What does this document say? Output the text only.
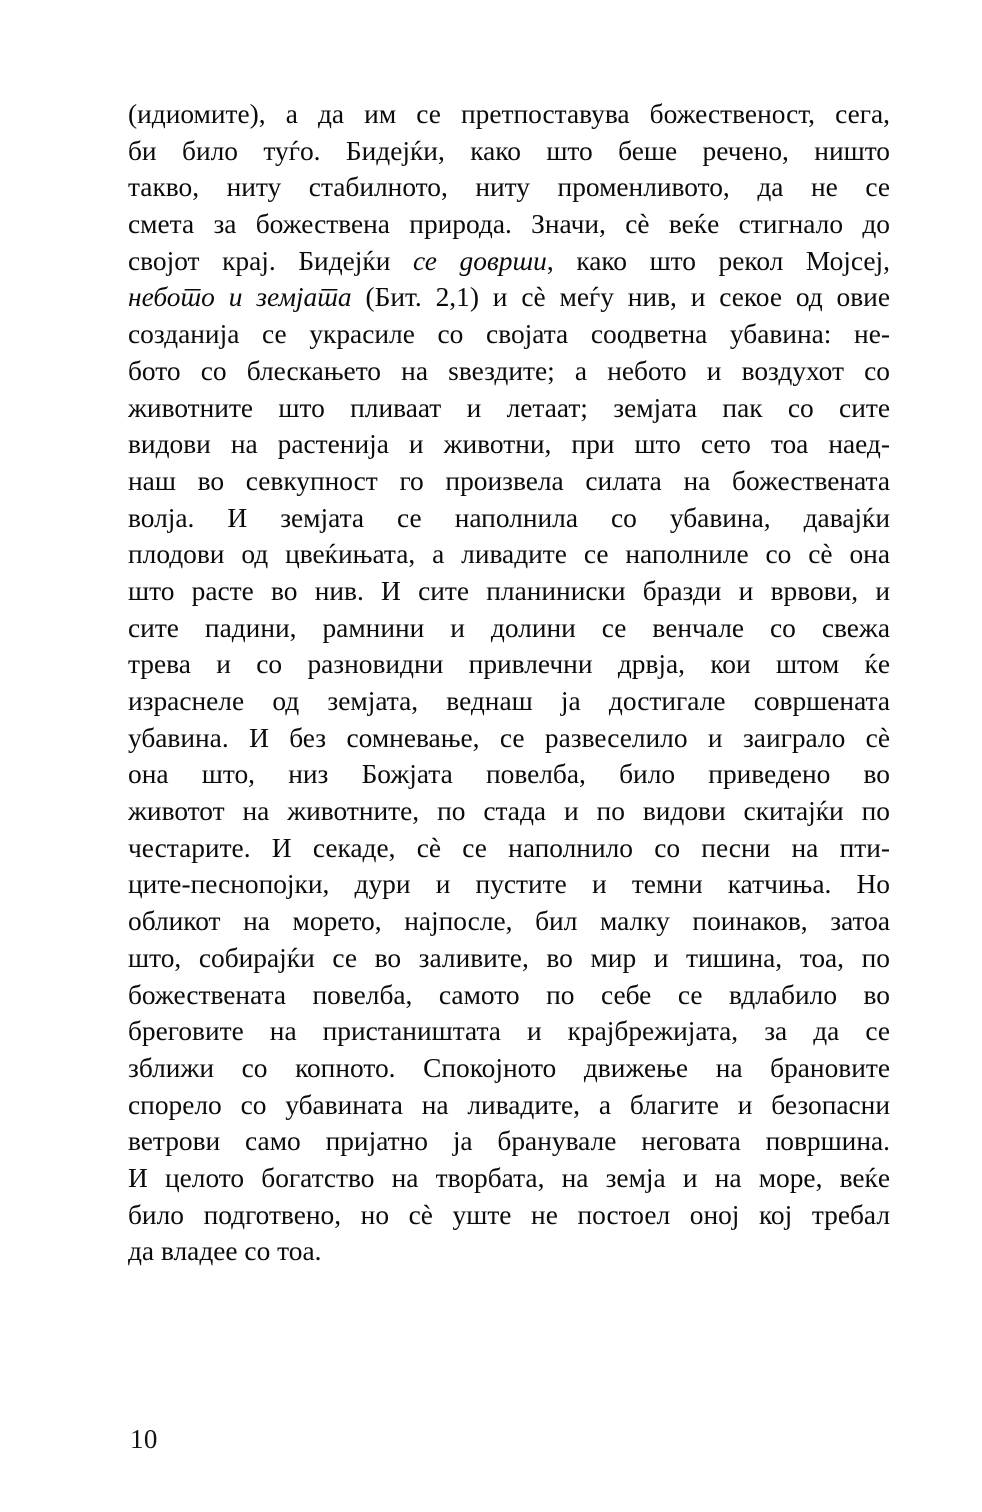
(идиомите), а да им се претпоставува божественост, сега,
би било туѓо. Бидејќи, како што беше речено, ништо
такво, ниту стабилното, ниту променливото, да не се
смета за божествена природа. Значи, сѐ веќе стигнало до
својот крај. Бидејќи се доврши, како што рекол Мојсеј,
небото и земјата (Бит. 2,1) и сѐ меѓу нив, и секое од овие
созданија се украсиле со својата соодветна убавина: не-
бото со блескањето на ѕвездите; а небото и воздухот со
животните што пливаат и летаат; земјата пак со сите
видови на растенија и животни, при што сето тоа наед-
наш во севкупност го произвела силата на божествената
волја. И земјата се наполнила со убавина, давајќи
плодови од цвеќињата, а ливадите се наполниле со сѐ она
што расте во нив. И сите планиниски бразди и врвови, и
сите падини, рамнини и долини се венчале со свежа
трева и со разновидни привлечни дрвја, кои штом ќе
израснеле од земјата, веднаш ја достигале совршената
убавина. И без сомневање, се развеселило и заиграло сѐ
она што, низ Божјата повелба, било приведено во
животот на животните, по стада и по видови скитајќи по
честарите. И секаде, сѐ се наполнило со песни на пти-
ците-песнопојки, дури и пустите и темни катчиња. Но
обликот на морето, најпосле, бил малку поинаков, затоа
што, собирајќи се во заливите, во мир и тишина, тоа, по
божествената повелба, самото по себе се вдлабило во
бреговите на пристаништата и крајбрежијата, за да се
зближи со копното. Спокојното движење на брановите
спорело со убавината на ливадите, а благите и безопасни
ветрови само пријатно ја бранувале неговата површина.
И целото богатство на творбата, на земја и на море, веќе
било подготвено, но сѐ уште не постоел оној кој требал
да владее со тоа.
10
